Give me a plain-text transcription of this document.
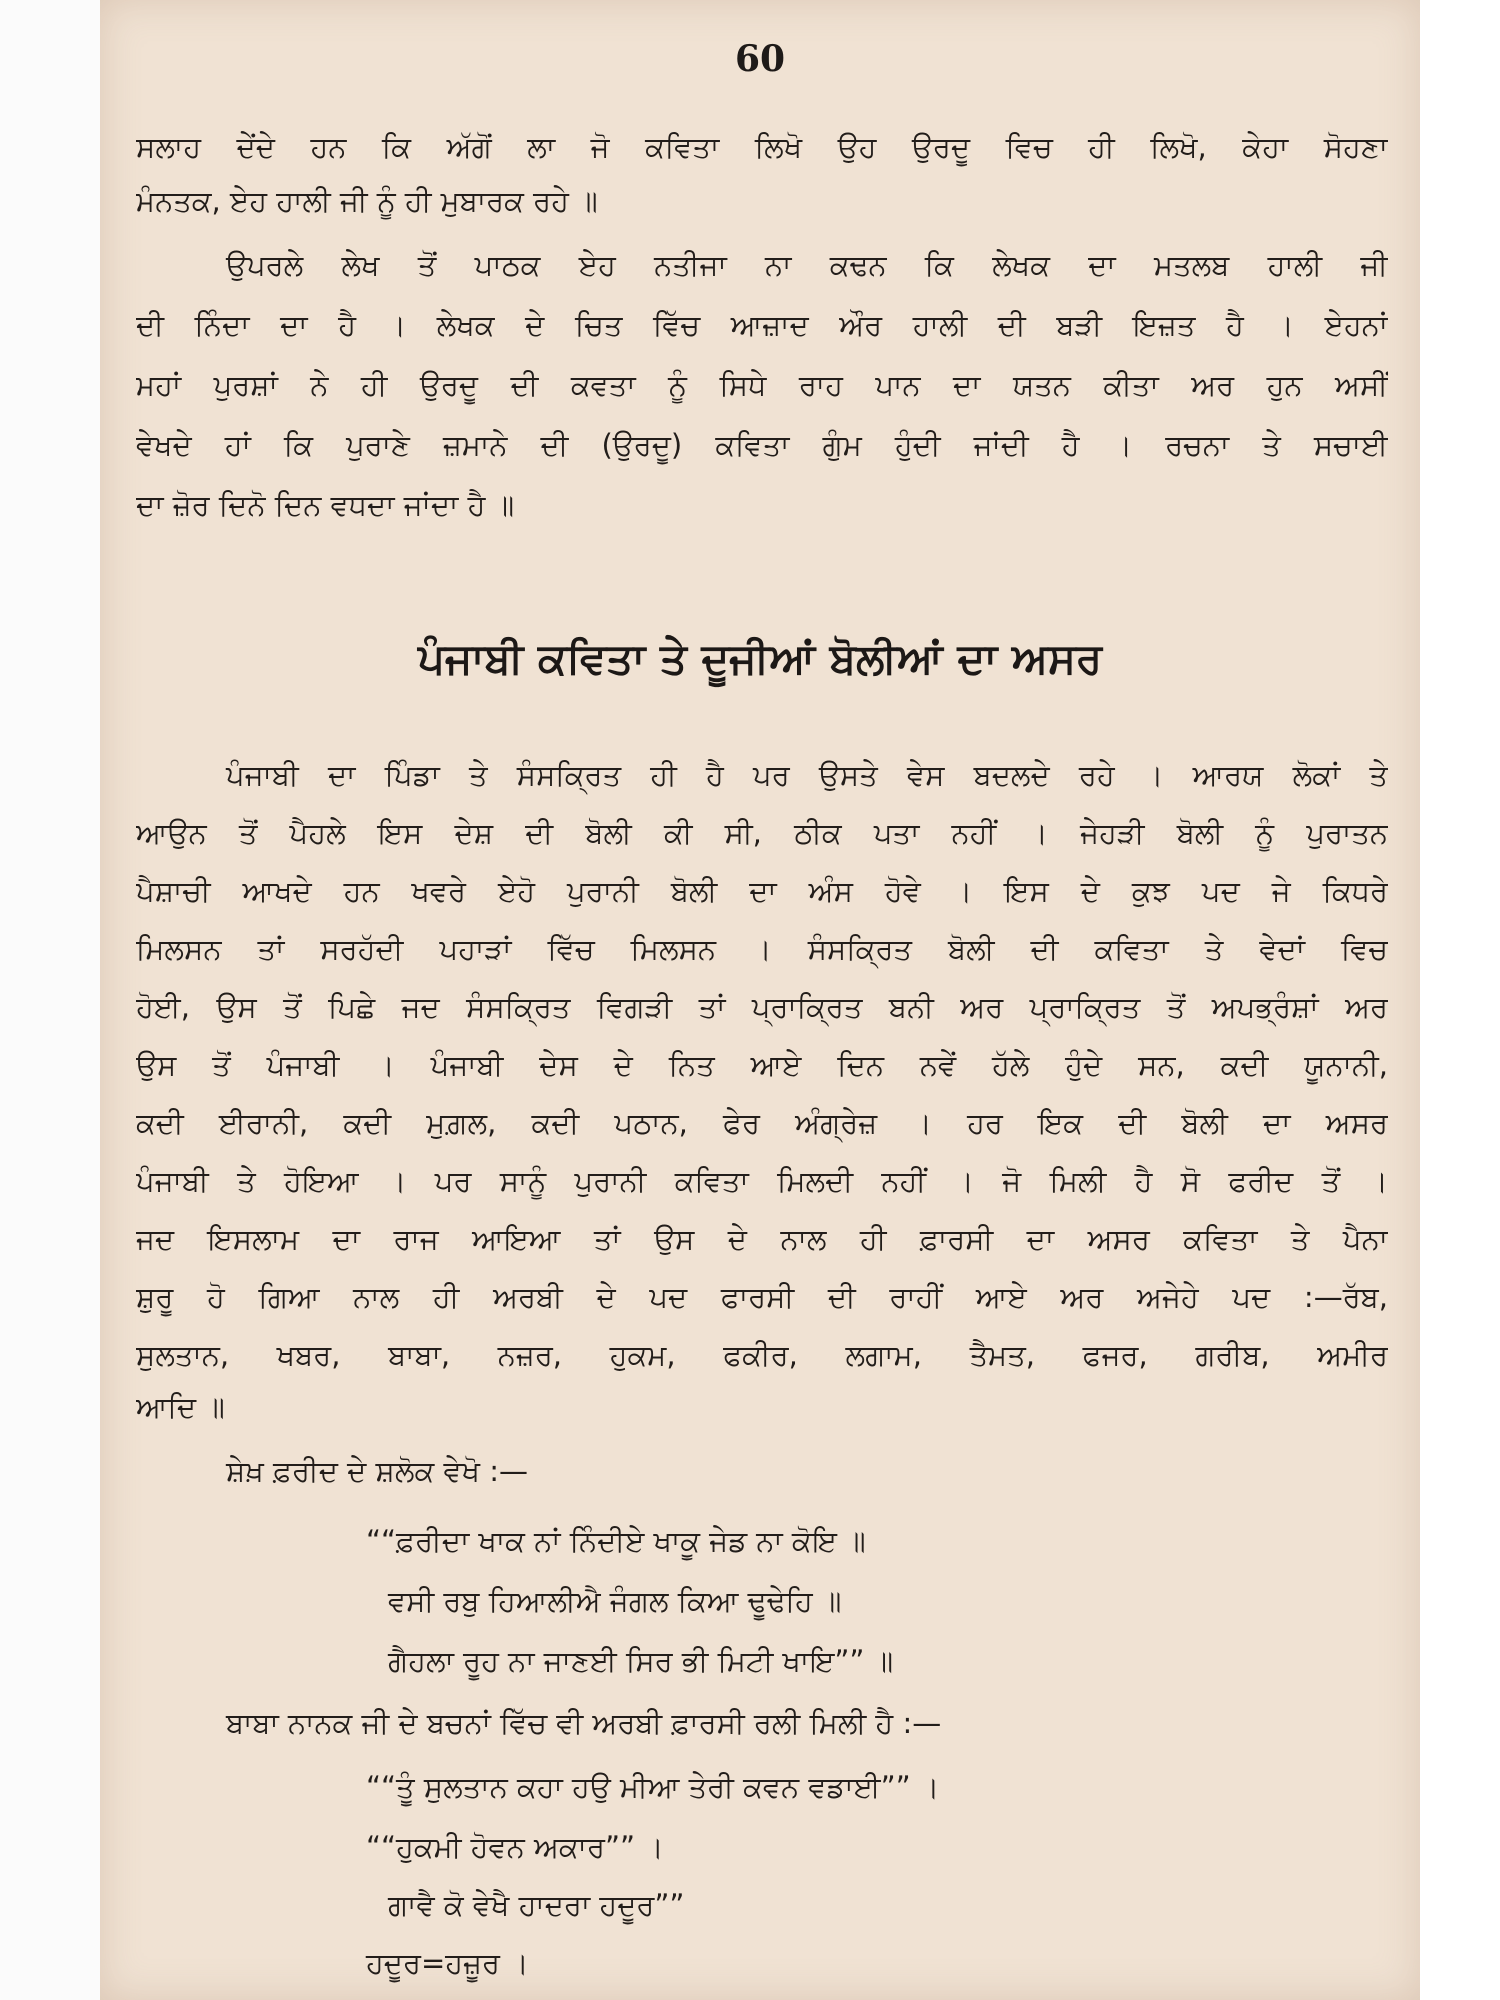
60
ਸਲਾਹ ਦੇਂਦੇ ਹਨ ਕਿ ਅੱਗੋਂ ਲਾ ਜੋ ਕਵਿਤਾ ਲਿਖੋ ਉਹ ਉਰਦੂ ਵਿਚ ਹੀ ਲਿਖੋ, ਕੇਹਾ ਸੋਹਣਾ
ਮੰਨਤਕ, ਏਹ ਹਾਲੀ ਜੀ ਨੂੰ ਹੀ ਮੁਬਾਰਕ ਰਹੇ ॥
ਉਪਰਲੇ ਲੇਖ ਤੋਂ ਪਾਠਕ ਏਹ ਨਤੀਜਾ ਨਾ ਕਢਨ ਕਿ ਲੇਖਕ ਦਾ ਮਤਲਬ ਹਾਲੀ ਜੀ
ਦੀ ਨਿੰਦਾ ਦਾ ਹੈ । ਲੇਖਕ ਦੇ ਚਿਤ ਵਿੱਚ ਆਜ਼ਾਦ ਔਰ ਹਾਲੀ ਦੀ ਬੜੀ ਇਜ਼ਤ ਹੈ । ਏਹਨਾਂ
ਮਹਾਂ ਪੁਰਸ਼ਾਂ ਨੇ ਹੀ ਉਰਦੂ ਦੀ ਕਵਤਾ ਨੂੰ ਸਿਧੇ ਰਾਹ ਪਾਨ ਦਾ ਯਤਨ ਕੀਤਾ ਅਰ ਹੁਨ ਅਸੀਂ
ਵੇਖਦੇ ਹਾਂ ਕਿ ਪੁਰਾਣੇ ਜ਼ਮਾਨੇ ਦੀ (ਉਰਦੂ) ਕਵਿਤਾ ਗੁੰਮ ਹੁੰਦੀ ਜਾਂਦੀ ਹੈ । ਰਚਨਾ ਤੇ ਸਚਾਈ
ਦਾ ਜ਼ੋਰ ਦਿਨੋ ਦਿਨ ਵਧਦਾ ਜਾਂਦਾ ਹੈ ॥
ਪੰਜਾਬੀ ਕਵਿਤਾ ਤੇ ਦੂਜੀਆਂ ਬੋਲੀਆਂ ਦਾ ਅਸਰ
ਪੰਜਾਬੀ ਦਾ ਪਿੰਡਾ ਤੇ ਸੰਸਕ੍ਰਿਤ ਹੀ ਹੈ ਪਰ ਉਸਤੇ ਵੇਸ ਬਦਲਦੇ ਰਹੇ । ਆਰਯ ਲੋਕਾਂ ਤੇ
ਆਉਨ ਤੋਂ ਪੈਹਲੇ ਇਸ ਦੇਸ਼ ਦੀ ਬੋਲੀ ਕੀ ਸੀ, ਠੀਕ ਪਤਾ ਨਹੀਂ । ਜੇਹੜੀ ਬੋਲੀ ਨੂੰ ਪੁਰਾਤਨ
ਪੈਸ਼ਾਚੀ ਆਖਦੇ ਹਨ ਖਵਰੇ ਏਹੋ ਪੁਰਾਨੀ ਬੋਲੀ ਦਾ ਅੰਸ ਹੋਵੇ । ਇਸ ਦੇ ਕੁਝ ਪਦ ਜੇ ਕਿਧਰੇ
ਮਿਲਸਨ ਤਾਂ ਸਰਹੱਦੀ ਪਹਾੜਾਂ ਵਿੱਚ ਮਿਲਸਨ । ਸੰਸਕ੍ਰਿਤ ਬੋਲੀ ਦੀ ਕਵਿਤਾ ਤੇ ਵੇਦਾਂ ਵਿਚ
ਹੋਈ, ਉਸ ਤੋਂ ਪਿਛੇ ਜਦ ਸੰਸਕ੍ਰਿਤ ਵਿਗੜੀ ਤਾਂ ਪ੍ਰਾਕ੍ਰਿਤ ਬਨੀ ਅਰ ਪ੍ਰਾਕ੍ਰਿਤ ਤੋਂ ਅਪਭ੍ਰੰਸ਼ਾਂ ਅਰ
ਉਸ ਤੋਂ ਪੰਜਾਬੀ । ਪੰਜਾਬੀ ਦੇਸ ਦੇ ਨਿਤ ਆਏ ਦਿਨ ਨਵੇਂ ਹੱਲੇ ਹੁੰਦੇ ਸਨ, ਕਦੀ ਯੂਨਾਨੀ,
ਕਦੀ ਈਰਾਨੀ, ਕਦੀ ਮੁਗ਼ਲ, ਕਦੀ ਪਠਾਨ, ਫੇਰ ਅੰਗ੍ਰੇਜ਼ । ਹਰ ਇਕ ਦੀ ਬੋਲੀ ਦਾ ਅਸਰ
ਪੰਜਾਬੀ ਤੇ ਹੋਇਆ । ਪਰ ਸਾਨੂੰ ਪੁਰਾਨੀ ਕਵਿਤਾ ਮਿਲਦੀ ਨਹੀਂ । ਜੋ ਮਿਲੀ ਹੈ ਸੋ ਫਰੀਦ ਤੋਂ ।
ਜਦ ਇਸਲਾਮ ਦਾ ਰਾਜ ਆਇਆ ਤਾਂ ਉਸ ਦੇ ਨਾਲ ਹੀ ਫ਼ਾਰਸੀ ਦਾ ਅਸਰ ਕਵਿਤਾ ਤੇ ਪੈਨਾ
ਸ਼ੁਰੂ ਹੋ ਗਿਆ ਨਾਲ ਹੀ ਅਰਬੀ ਦੇ ਪਦ ਫਾਰਸੀ ਦੀ ਰਾਹੀਂ ਆਏ ਅਰ ਅਜੇਹੇ ਪਦ :—ਰੱਬ,
ਸੁਲਤਾਨ, ਖਬਰ, ਬਾਬਾ, ਨਜ਼ਰ, ਹੁਕਮ, ਫਕੀਰ, ਲਗਾਮ, ਤੈਮਤ, ਫਜਰ, ਗਰੀਬ, ਅਮੀਰ
ਆਦਿ ॥
ਸ਼ੇਖ਼ ਫ਼ਰੀਦ ਦੇ ਸ਼ਲੋਕ ਵੇਖੋ :—
““ਫ਼ਰੀਦਾ ਖਾਕ ਨਾਂ ਨਿੰਦੀਏ ਖਾਕੂ ਜੇਡ ਨਾ ਕੋਇ ॥
ਵਸੀ ਰਬੁ ਹਿਆਲੀਐ ਜੰਗਲ ਕਿਆ ਢੂਢੇਹਿ ॥
ਗੈਹਲਾ ਰੂਹ ਨਾ ਜਾਣਈ ਸਿਰ ਭੀ ਮਿਟੀ ਖਾਇ”” ॥
ਬਾਬਾ ਨਾਨਕ ਜੀ ਦੇ ਬਚਨਾਂ ਵਿੱਚ ਵੀ ਅਰਬੀ ਫ਼ਾਰਸੀ ਰਲੀ ਮਿਲੀ ਹੈ :—
““ਤੂੰ ਸੁਲਤਾਨ ਕਹਾ ਹਉ ਮੀਆ ਤੇਰੀ ਕਵਨ ਵਡਾਈ”” ।
““ਹੁਕਮੀ ਹੋਵਨ ਅਕਾਰ”” ।
ਗਾਵੈ ਕੋ ਵੇਖੈ ਹਾਦਰਾ ਹਦੂਰ””
ਹਦੂਰ=ਹਜ਼ੂਰ ।
